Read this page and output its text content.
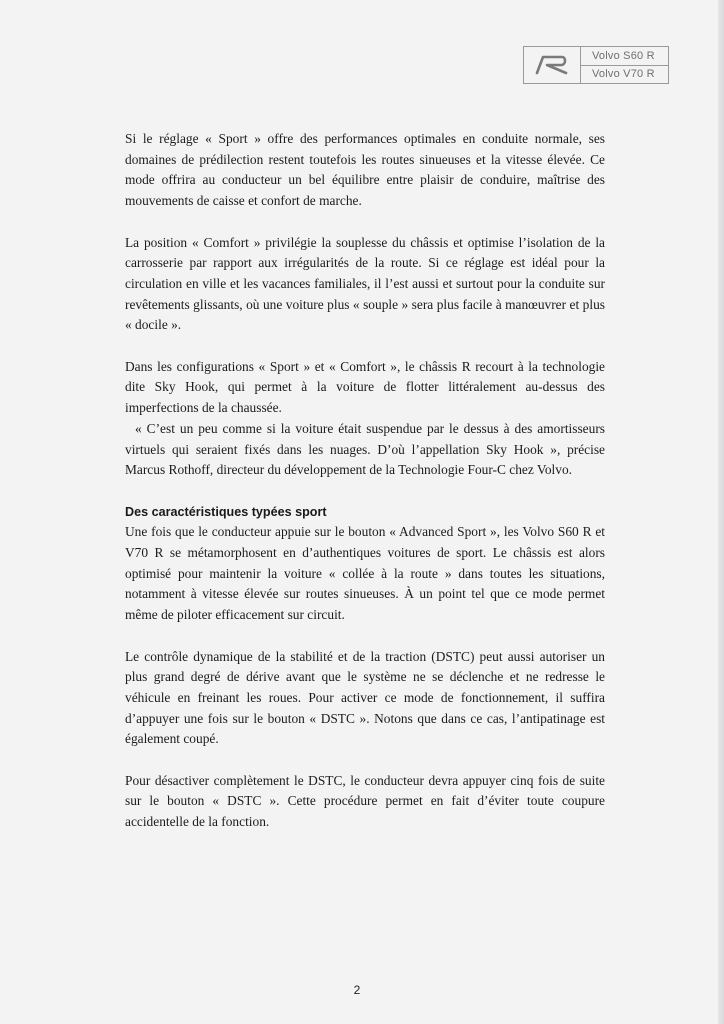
Volvo S60 R
Volvo V70 R

Si le réglage « Sport » offre des performances optimales en conduite normale, ses domaines de prédilection restent toutefois les routes sinueuses et la vitesse élevée. Ce mode offrira au conducteur un bel équilibre entre plaisir de conduire, maîtrise des mouvements de caisse et confort de marche.

La position « Comfort » privilégie la souplesse du châssis et optimise l’isolation de la carrosserie par rapport aux irrégularités de la route. Si ce réglage est idéal pour la circulation en ville et les vacances familiales, il l’est aussi et surtout pour la conduite sur revêtements glissants, où une voiture plus « souple » sera plus facile à manœuvrer et plus « docile ».

Dans les configurations « Sport » et « Comfort », le châssis R recourt à la technologie dite Sky Hook, qui permet à la voiture de flotter littéralement au-dessus des imperfections de la chaussée.

« C’est un peu comme si la voiture était suspendue par le dessus à des amortisseurs virtuels qui seraient fixés dans les nuages. D’où l’appellation Sky Hook », précise Marcus Rothoff, directeur du développement de la Technologie Four-C chez Volvo.

Des caractéristiques typées sport

Une fois que le conducteur appuie sur le bouton « Advanced Sport », les Volvo S60 R et V70 R se métamorphosent en d’authentiques voitures de sport. Le châssis est alors optimisé pour maintenir la voiture « collée à la route » dans toutes les situations, notamment à vitesse élevée sur routes sinueuses. À un point tel que ce mode permet même de piloter efficacement sur circuit.

Le contrôle dynamique de la stabilité et de la traction (DSTC) peut aussi autoriser un plus grand degré de dérive avant que le système ne se déclenche et ne redresse le véhicule en freinant les roues. Pour activer ce mode de fonctionnement, il suffira d’appuyer une fois sur le bouton « DSTC ». Notons que dans ce cas, l’antipatinage est également coupé.

Pour désactiver complètement le DSTC, le conducteur devra appuyer cinq fois de suite sur le bouton « DSTC ». Cette procédure permet en fait d’éviter toute coupure accidentelle de la fonction.

2
